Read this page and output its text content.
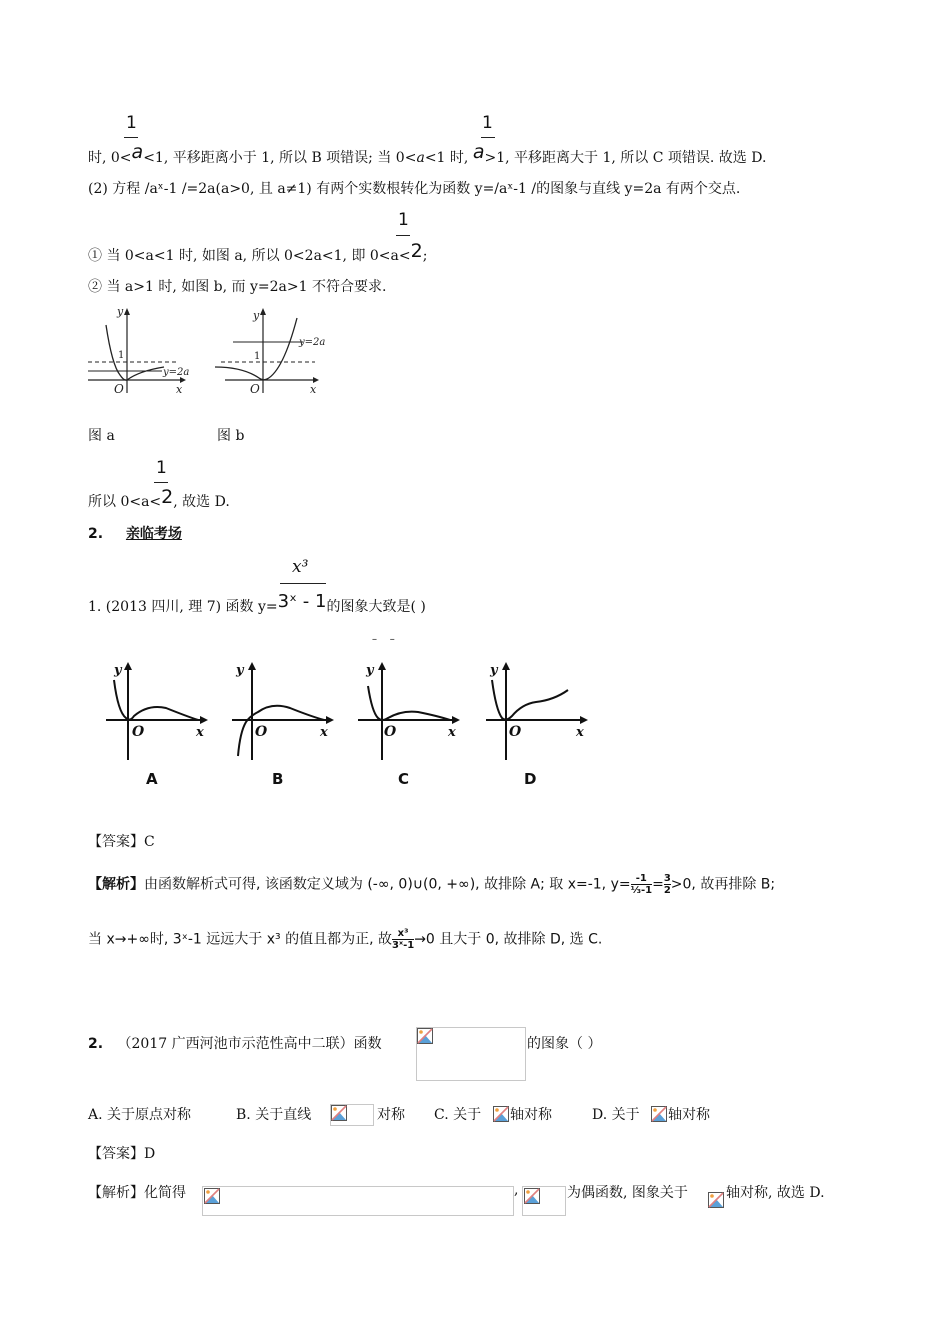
1
时, 0<a<1, 平移距离小于 1, 所以 B 项错误; 当 0<a<1 时, a>1, 平移距离大于 1, 所以 C 项错误. 故选 D.
1
(2) 方程 /aˣ-1 /=2a(a>0, 且 a≠1) 有两个实数根转化为函数 y=/aˣ-1 /的图象与直线 y=2a 有两个交点.
1
① 当 0<a<1 时, 如图 a, 所以 0<2a<1, 即 0<a<2;
② 当 a>1 时, 如图 b, 而 y=2a>1 不符合要求.
y
1
O	x
y=2a
y
1
O	x
y=2a
图 a	图 b
1
所以 0<a<2, 故选 D.
2. 亲临考场
x³
1. (2013 四川, 理 7) 函数 y=3ˣ - 1的图象大致是( )
–    –
y
O	x
y
O	x
y
O	x
y
O	x
A	B	C	D
【答案】C
【解析】由函数解析式可得, 该函数定义域为 (-∞, 0)∪(0, +∞), 故排除 A; 取 x=-1, $y= \frac{-1}{\text{⅓-1}} = \frac{3}{2} >0$, 故再排除 B;
当 x→+∞时, 3ˣ-1 远远大于 x³ 的值且都为正, 故 $\frac{\text{x³}}{\text{3ˣ-1}} \to 0$ 且大于 0, 故排除 D, 选 C.
2. （2017 广西河池市示范性高中二联）函数	的图象（ ）
A. 关于原点对称	B. 关于直线	对称 C. 关于 轴对称	D. 关于 轴对称
【答案】D
【解析】化简得	,	为偶函数, 图象关于	轴对称, 故选 D.
